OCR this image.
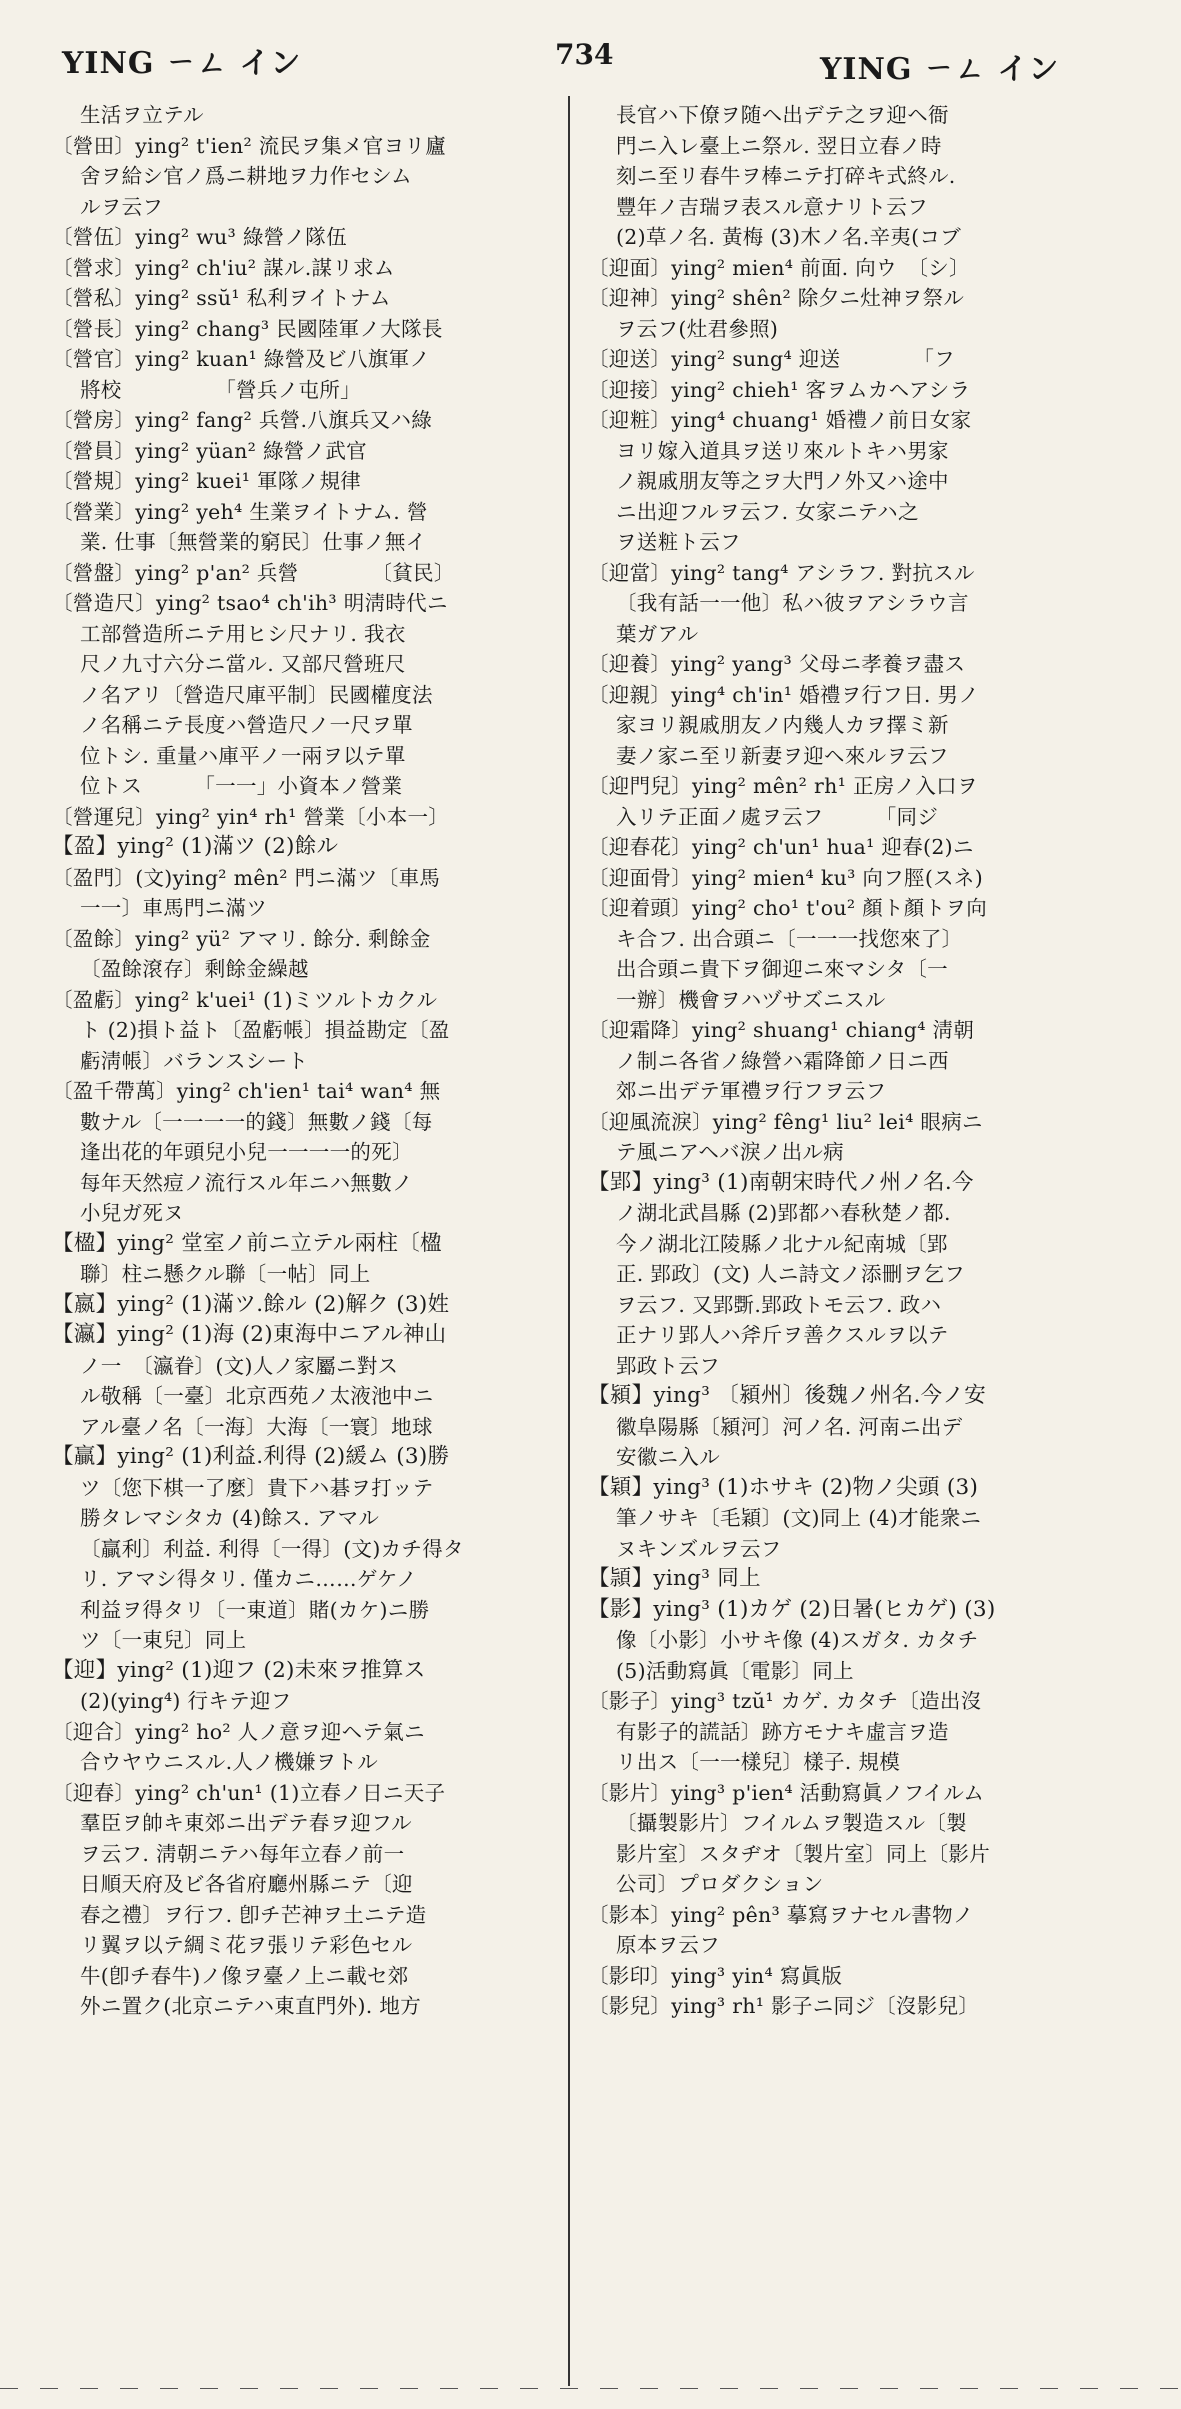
YING ㄧㄥ イン	734	YING ㄧㄥ イン
生活ヲ立テル
〔營田〕ying² t'ien² 流民ヲ集メ官ヨリ廬
舍ヲ給シ官ノ爲ニ耕地ヲ力作セシム
ルヲ云フ
〔營伍〕ying² wu³ 綠營ノ隊伍
〔營求〕ying² ch'iu² 謀ル.謀リ求ム
〔營私〕ying² ssŭ¹ 私利ヲイトナム
〔營長〕ying² chang³ 民國陸軍ノ大隊長
〔營官〕ying² kuan¹ 綠營及ビ八旗軍ノ
將校　　　　　「營兵ノ屯所」
〔營房〕ying² fang² 兵營.八旗兵又ハ綠
〔營員〕ying² yüan² 綠營ノ武官
〔營規〕ying² kuei¹ 軍隊ノ規律
〔營業〕ying² yeh⁴ 生業ヲイトナム. 營
業. 仕事〔無營業的窮民〕仕事ノ無イ
〔營盤〕ying² p'an² 兵營　　　　〔貧民〕
〔營造尺〕ying² tsao⁴ ch'ih³ 明淸時代ニ
工部營造所ニテ用ヒシ尺ナリ. 我衣
尺ノ九寸六分ニ當ル. 又部尺營班尺
ノ名アリ〔營造尺庫平制〕民國權度法
ノ名稱ニテ長度ハ營造尺ノ一尺ヲ單
位トシ. 重量ハ庫平ノ一兩ヲ以テ單
位トス　　　「一一」小資本ノ營業
〔營運兒〕ying² yin⁴ rh¹ 營業〔小本一〕
【盈】ying² (1)滿ツ (2)餘ル
〔盈門〕(文)ying² mên² 門ニ滿ツ〔車馬
一一〕車馬門ニ滿ツ
〔盈餘〕ying² yü² アマリ. 餘分. 剩餘金
〔盈餘滾存〕剩餘金繰越
〔盈虧〕ying² k'uei¹ (1)ミツルトカクル
ト (2)損ト益ト〔盈虧帳〕損益勘定〔盈
虧淸帳〕バランスシート
〔盈千帶萬〕ying² ch'ien¹ tai⁴ wan⁴ 無
數ナル〔一一一一的錢〕無數ノ錢〔每
逢出花的年頭兒小兒一一一一的死〕
每年天然痘ノ流行スル年ニハ無數ノ
小兒ガ死ヌ
【楹】ying² 堂室ノ前ニ立テル兩柱〔楹
聯〕柱ニ懸クル聯〔一帖〕同上
【嬴】ying² (1)滿ツ.餘ル (2)解ク (3)姓
【瀛】ying² (1)海 (2)東海中ニアル神山
ノ一　〔瀛眷〕(文)人ノ家屬ニ對ス
ル敬稱〔一臺〕北京西苑ノ太液池中ニ
アル臺ノ名〔一海〕大海〔一寰〕地球
【贏】ying² (1)利益.利得 (2)緩ム (3)勝
ツ〔您下棋一了麼〕貴下ハ碁ヲ打ッテ
勝タレマシタカ (4)餘ス. アマル
〔贏利〕利益. 利得〔一得〕(文)カチ得タ
リ. アマシ得タリ. 僅カニ……ゲケノ
利益ヲ得タリ〔一東道〕賭(カケ)ニ勝
ツ〔一東兒〕同上
【迎】ying² (1)迎フ (2)未來ヲ推算ス
(2)(ying⁴) 行キテ迎フ
〔迎合〕ying² ho² 人ノ意ヲ迎ヘテ氣ニ
合ウヤウニスル.人ノ機嫌ヲトル
〔迎春〕ying² ch'un¹ (1)立春ノ日ニ天子
羣臣ヲ帥キ東郊ニ出デテ春ヲ迎フル
ヲ云フ. 淸朝ニテハ每年立春ノ前一
日順天府及ビ各省府廳州縣ニテ〔迎
春之禮〕ヲ行フ. 卽チ芒神ヲ土ニテ造
リ翼ヲ以テ綢ミ花ヲ張リテ彩色セル
牛(卽チ春牛)ノ像ヲ臺ノ上ニ載セ郊
外ニ置ク(北京ニテハ東直門外). 地方
長官ハ下僚ヲ随ヘ出デテ之ヲ迎ヘ衙
門ニ入レ臺上ニ祭ル. 翌日立春ノ時
刻ニ至リ春牛ヲ棒ニテ打碎キ式終ル.
豐年ノ吉瑞ヲ表スル意ナリト云フ
(2)草ノ名. 黃梅 (3)木ノ名.辛夷(コブ
〔迎面〕ying² mien⁴ 前面. 向ウ　〔シ〕
〔迎神〕ying² shên² 除夕ニ灶神ヲ祭ル
ヲ云フ(灶君參照)
〔迎送〕ying² sung⁴ 迎送　　　　「フ
〔迎接〕ying² chieh¹ 客ヲムカヘアシラ
〔迎粧〕ying⁴ chuang¹ 婚禮ノ前日女家
ヨリ嫁入道具ヲ送リ來ルトキハ男家
ノ親戚朋友等之ヲ大門ノ外又ハ途中
ニ出迎フルヲ云フ. 女家ニテハ之
ヲ送粧ト云フ
〔迎當〕ying² tang⁴ アシラフ. 對抗スル
〔我有話一一他〕私ハ彼ヲアシラウ言
葉ガアル
〔迎養〕ying² yang³ 父母ニ孝養ヲ盡ス
〔迎親〕ying⁴ ch'in¹ 婚禮ヲ行フ日. 男ノ
家ヨリ親戚朋友ノ内幾人カヲ擇ミ新
妻ノ家ニ至リ新妻ヲ迎ヘ來ルヲ云フ
〔迎門兒〕ying² mên² rh¹ 正房ノ入口ヲ
入リテ正面ノ處ヲ云フ　　　「同ジ
〔迎春花〕ying² ch'un¹ hua¹ 迎春(2)ニ
〔迎面骨〕ying² mien⁴ ku³ 向フ脛(スネ)
〔迎着頭〕ying² cho¹ t'ou² 顏ト顏トヲ向
キ合フ. 出合頭ニ〔一一一找您來了〕
出合頭ニ貴下ヲ御迎ニ來マシタ〔一
一辦〕機會ヲハヅサズニスル
〔迎霜降〕ying² shuang¹ chiang⁴ 淸朝
ノ制ニ各省ノ綠營ハ霜降節ノ日ニ西
郊ニ出デテ軍禮ヲ行フヲ云フ
〔迎風流淚〕ying² fêng¹ liu² lei⁴ 眼病ニ
テ風ニアヘバ淚ノ出ル病
【郢】ying³ (1)南朝宋時代ノ州ノ名.今
ノ湖北武昌縣 (2)郢都ハ春秋楚ノ都.
今ノ湖北江陵縣ノ北ナル紀南城〔郢
正. 郢政〕(文) 人ニ詩文ノ添刪ヲ乞フ
ヲ云フ. 又郢斲.郢政トモ云フ. 政ハ
正ナリ郢人ハ斧斤ヲ善クスルヲ以テ
郢政ト云フ
【潁】ying³ 〔潁州〕後魏ノ州名.今ノ安
徽阜陽縣〔潁河〕河ノ名. 河南ニ出デ
安徽ニ入ル
【穎】ying³ (1)ホサキ (2)物ノ尖頭 (3)
筆ノサキ〔毛穎〕(文)同上 (4)才能衆ニ
ヌキンズルヲ云フ
【頴】ying³ 同上
【影】ying³ (1)カゲ (2)日暑(ヒカゲ) (3)
像〔小影〕小サキ像 (4)スガタ. カタチ
(5)活動寫眞〔電影〕同上
〔影子〕ying³ tzŭ¹ カゲ. カタチ〔造出沒
有影子的謊話〕跡方モナキ虛言ヲ造
リ出ス〔一一樣兒〕樣子. 規模
〔影片〕ying³ p'ien⁴ 活動寫眞ノフイルム
〔攝製影片〕フイルムヲ製造スル〔製
影片室〕スタヂオ〔製片室〕同上〔影片
公司〕プロダクション
〔影本〕ying² pên³ 摹寫ヲナセル書物ノ
原本ヲ云フ
〔影印〕ying³ yin⁴ 寫眞版
〔影兒〕ying³ rh¹ 影子ニ同ジ〔沒影兒〕
